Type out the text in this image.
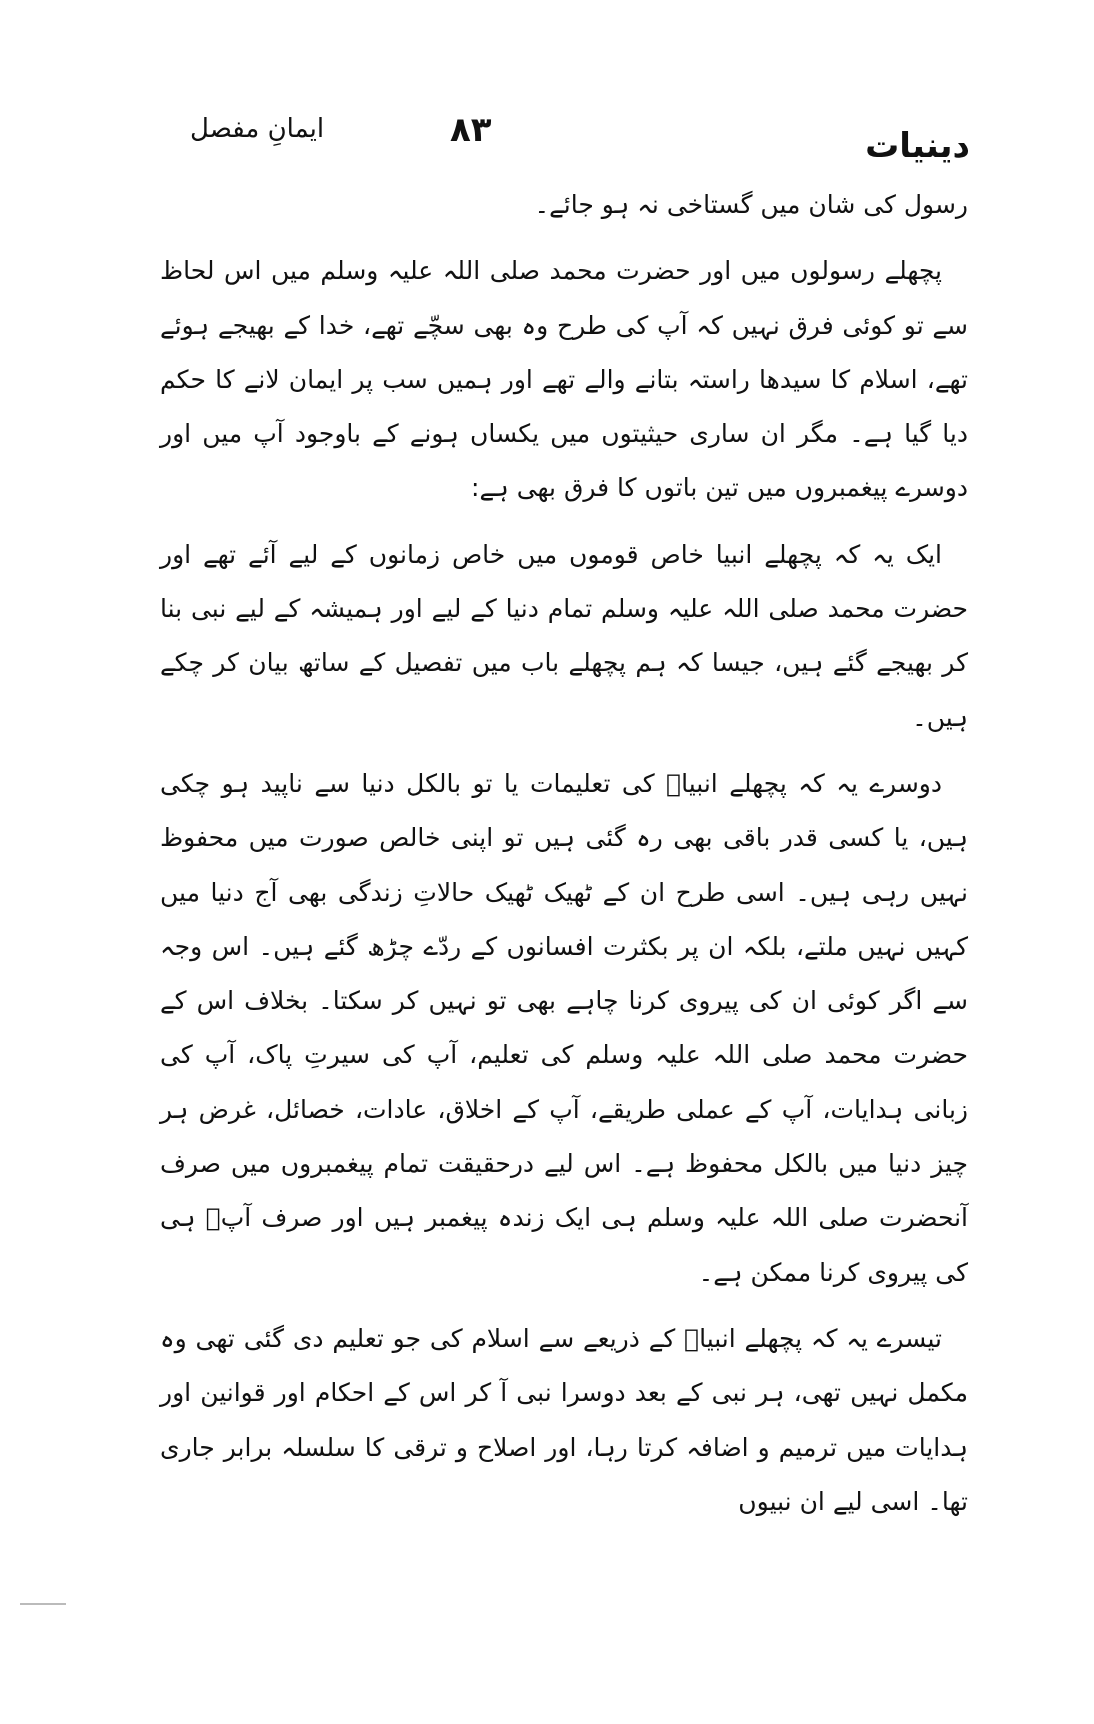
ایمانِ مفصل	۸۳	دینیات

رسول کی شان میں گستاخی نہ ہو جائے۔

پچھلے رسولوں میں اور حضرت محمد صلی اللہ علیہ وسلم میں اس لحاظ سے تو کوئی فرق نہیں کہ آپ کی طرح وہ بھی سچّے تھے، خدا کے بھیجے ہوئے تھے، اسلام کا سیدھا راستہ بتانے والے تھے اور ہمیں سب پر ایمان لانے کا حکم دیا گیا ہے۔ مگر ان ساری حیثیتوں میں یکساں ہونے کے باوجود آپ میں اور دوسرے پیغمبروں میں تین باتوں کا فرق بھی ہے:

ایک یہ کہ پچھلے انبیا خاص قوموں میں خاص زمانوں کے لیے آئے تھے اور حضرت محمد صلی اللہ علیہ وسلم تمام دنیا کے لیے اور ہمیشہ کے لیے نبی بنا کر بھیجے گئے ہیں، جیسا کہ ہم پچھلے باب میں تفصیل کے ساتھ بیان کر چکے ہیں۔

دوسرے یہ کہ پچھلے انبیاؑ کی تعلیمات یا تو بالکل دنیا سے ناپید ہو چکی ہیں، یا کسی قدر باقی بھی رہ گئی ہیں تو اپنی خالص صورت میں محفوظ نہیں رہی ہیں۔ اسی طرح ان کے ٹھیک ٹھیک حالاتِ زندگی بھی آج دنیا میں کہیں نہیں ملتے، بلکہ ان پر بکثرت افسانوں کے ردّے چڑھ گئے ہیں۔ اس وجہ سے اگر کوئی ان کی پیروی کرنا چاہے بھی تو نہیں کر سکتا۔ بخلاف اس کے حضرت محمد صلی اللہ علیہ وسلم کی تعلیم، آپ کی سیرتِ پاک، آپ کی زبانی ہدایات، آپ کے عملی طریقے، آپ کے اخلاق، عادات، خصائل، غرض ہر چیز دنیا میں بالکل محفوظ ہے۔ اس لیے درحقیقت تمام پیغمبروں میں صرف آنحضرت صلی اللہ علیہ وسلم ہی ایک زندہ پیغمبر ہیں اور صرف آپؐ ہی کی پیروی کرنا ممکن ہے۔

تیسرے یہ کہ پچھلے انبیاؑ کے ذریعے سے اسلام کی جو تعلیم دی گئی تھی وہ مکمل نہیں تھی، ہر نبی کے بعد دوسرا نبی آ کر اس کے احکام اور قوانین اور ہدایات میں ترمیم و اضافہ کرتا رہا، اور اصلاح و ترقی کا سلسلہ برابر جاری تھا۔ اسی لیے ان نبیوں
